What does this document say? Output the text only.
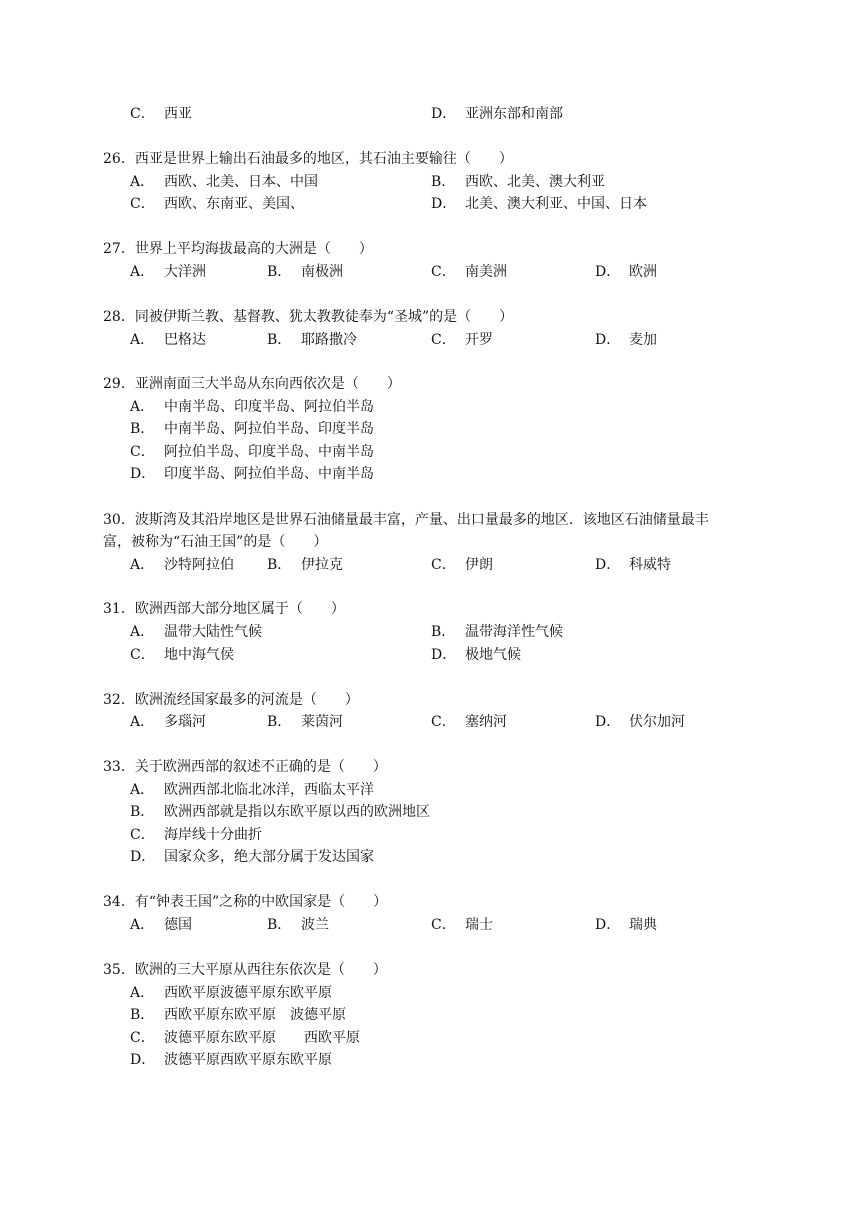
C． 西亚	D． 亚洲东部和南部
26．西亚是世界上输出石油最多的地区，其石油主要输往（　　）
A． 西欧、北美、日本、中国	B． 西欧、北美、澳大利亚
C． 西欧、东南亚、美国、	D． 北美、澳大利亚、中国、日本
27．世界上平均海拔最高的大洲是（　　）
A． 大洋洲	B． 南极洲	C． 南美洲	D． 欧洲
28．同被伊斯兰教、基督教、犹太教教徒奉为“圣城”的是（　　）
A． 巴格达	B． 耶路撒冷	C． 开罗	D． 麦加
29．亚洲南面三大半岛从东向西依次是（　　）
A． 中南半岛、印度半岛、阿拉伯半岛
B． 中南半岛、阿拉伯半岛、印度半岛
C． 阿拉伯半岛、印度半岛、中南半岛
D． 印度半岛、阿拉伯半岛、中南半岛
30．波斯湾及其沿岸地区是世界石油储量最丰富，产量、出口量最多的地区．该地区石油储量最丰
富，被称为“石油王国”的是（　　）
A． 沙特阿拉伯 B． 伊拉克	C． 伊朗	D． 科威特
31．欧洲西部大部分地区属于（　　）
A． 温带大陆性气候	B． 温带海洋性气候
C． 地中海气侯	D． 极地气候
32．欧洲流经国家最多的河流是（　　）
A． 多瑙河	B． 莱茵河	C． 塞纳河	D． 伏尔加河
33．关于欧洲西部的叙述不正确的是（　　）
A． 欧洲西部北临北冰洋，西临太平洋
B． 欧洲西部就是指以东欧平原以西的欧洲地区
C． 海岸线十分曲折
D． 国家众多，绝大部分属于发达国家
34．有“钟表王国”之称的中欧国家是（　　）
A． 德国	B． 波兰	C． 瑞士	D． 瑞典
35．欧洲的三大平原从西往东依次是（　　）
A． 西欧平原波德平原东欧平原
B． 西欧平原东欧平原　波德平原
C． 波德平原东欧平原　　西欧平原
D． 波德平原西欧平原东欧平原
